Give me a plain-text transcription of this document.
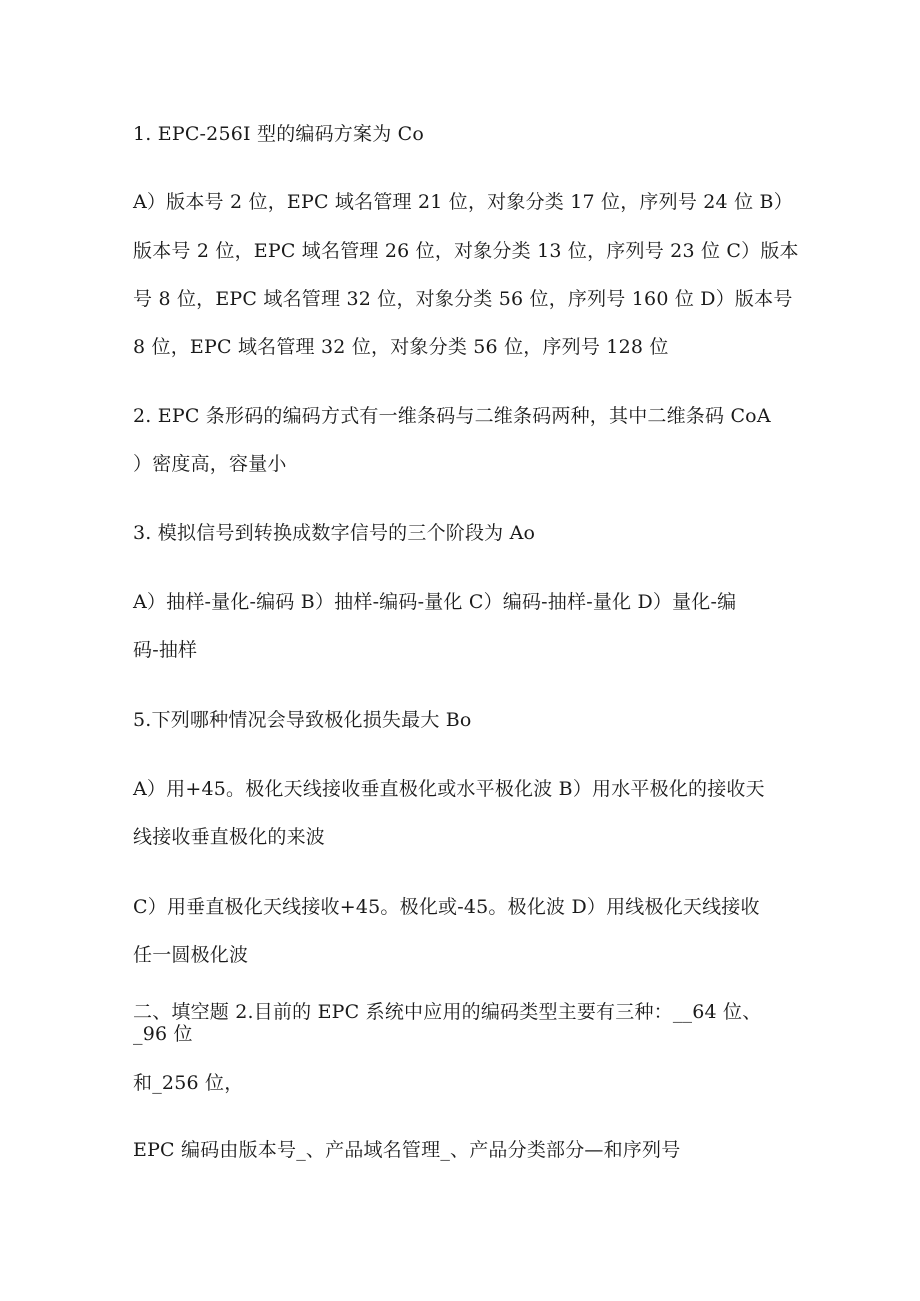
1. EPC-256I 型的编码方案为 Co
A）版本号 2 位，EPC 域名管理 21 位，对象分类 17 位，序列号 24 位 B）
版本号 2 位，EPC 域名管理 26 位，对象分类 13 位，序列号 23 位 C）版本
号 8 位，EPC 域名管理 32 位，对象分类 56 位，序列号 160 位 D）版本号
8 位，EPC 域名管理 32 位，对象分类 56 位，序列号 128 位
2. EPC 条形码的编码方式有一维条码与二维条码两种，其中二维条码 CoA
）密度高，容量小
3. 模拟信号到转换成数字信号的三个阶段为 Ao
A）抽样-量化-编码 B）抽样-编码-量化 C）编码-抽样-量化 D）量化-编
码-抽样
5.下列哪种情况会导致极化损失最大 Bo
A）用+45。极化天线接收垂直极化或水平极化波 B）用水平极化的接收天
线接收垂直极化的来波
C）用垂直极化天线接收+45。极化或-45。极化波 D）用线极化天线接收
任一圆极化波
二、填空题 2.目前的 EPC 系统中应用的编码类型主要有三种：__64 位、
_96 位
和_256 位，
EPC 编码由版本号_、产品域名管理_、产品分类部分—和序列号
